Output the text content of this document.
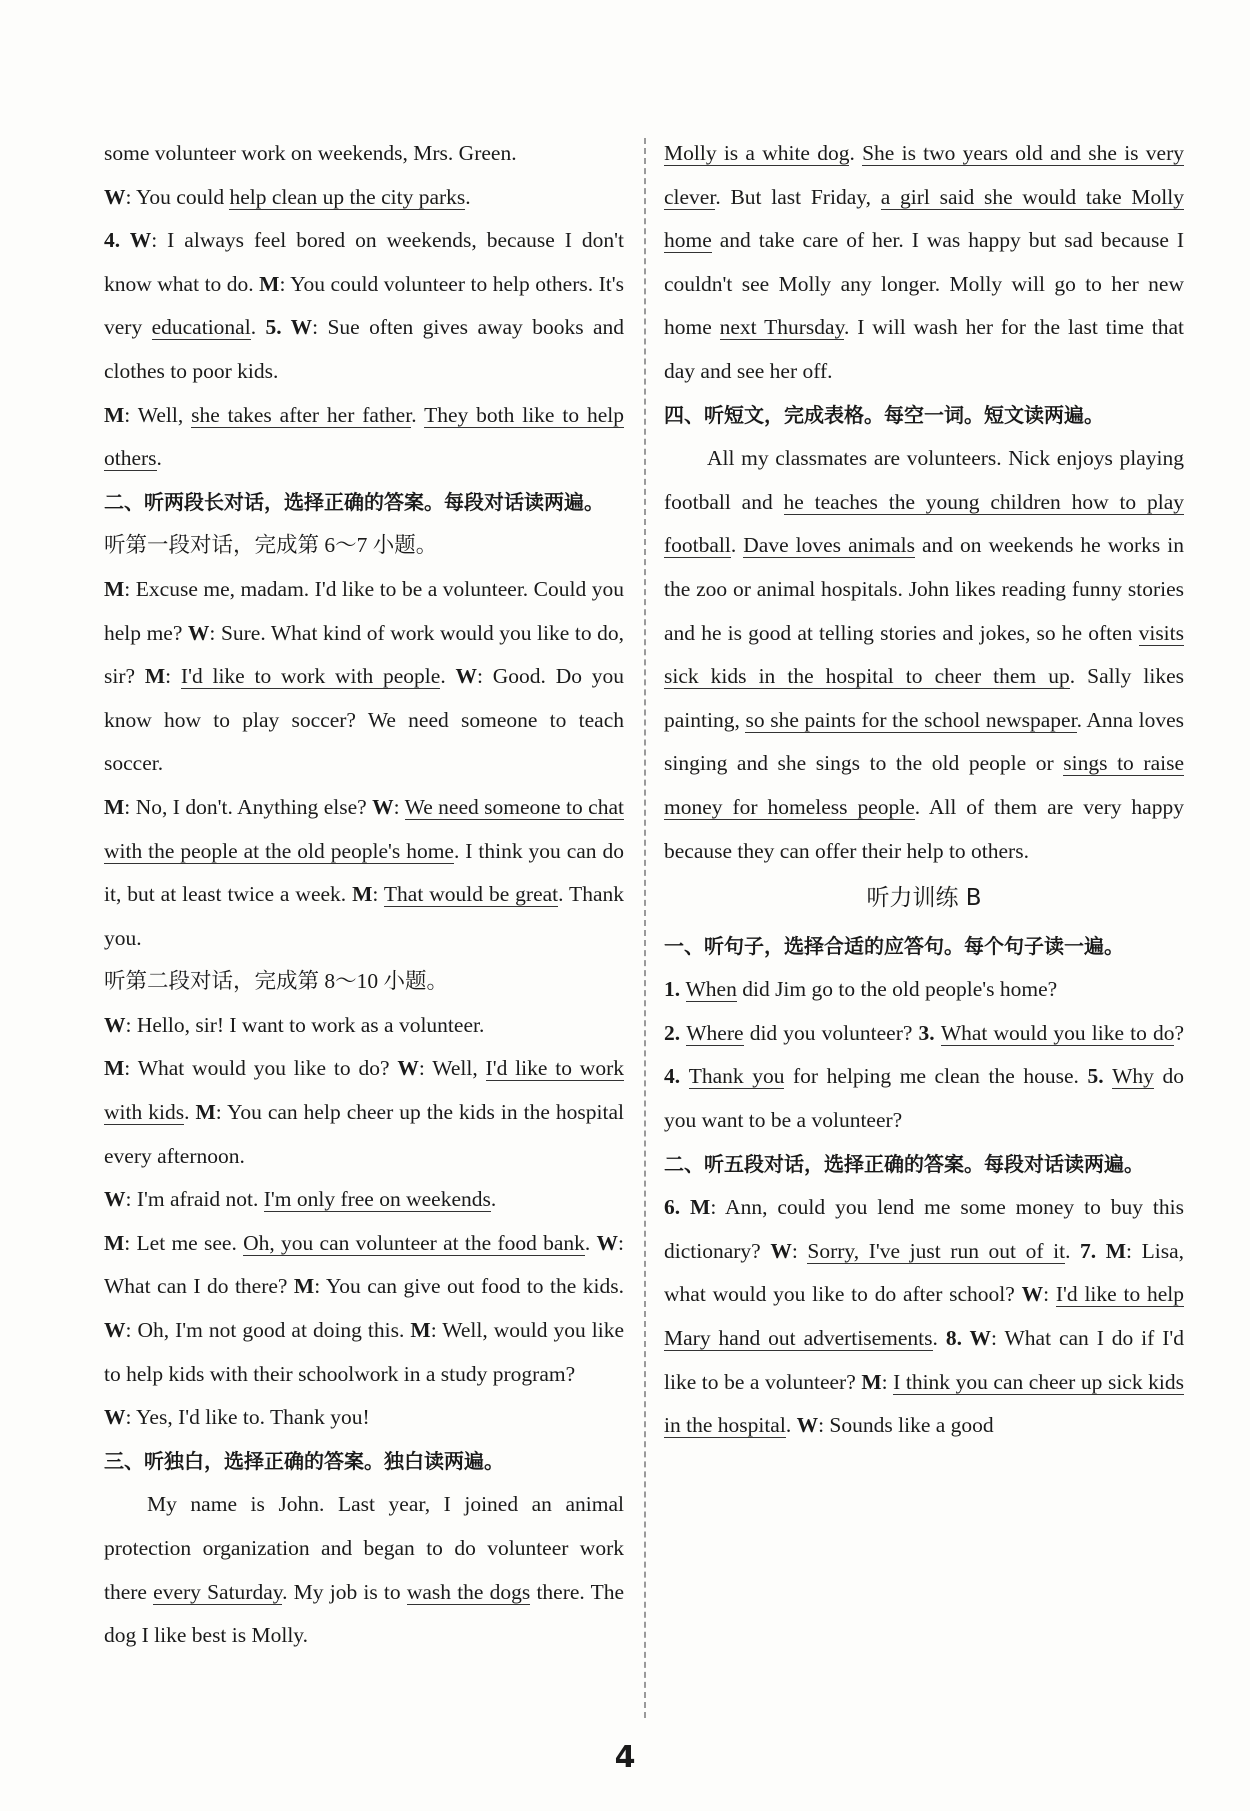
some volunteer work on weekends, Mrs. Green.

W: You could help clean up the city parks.

4. W: I always feel bored on weekends, because I don't know what to do. M: You could volunteer to help others. It's very educational. 5. W: Sue often gives away books and clothes to poor kids.

M: Well, she takes after her father. They both like to help others.

二、听两段长对话，选择正确的答案。每段对话读两遍。

听第一段对话，完成第 6～7 小题。

M: Excuse me, madam. I'd like to be a volunteer. Could you help me? W: Sure. What kind of work would you like to do, sir? M: I'd like to work with people. W: Good. Do you know how to play soccer? We need someone to teach soccer.

M: No, I don't. Anything else? W: We need someone to chat with the people at the old people's home. I think you can do it, but at least twice a week. M: That would be great. Thank you.

听第二段对话，完成第 8～10 小题。

W: Hello, sir! I want to work as a volunteer.

M: What would you like to do? W: Well, I'd like to work with kids. M: You can help cheer up the kids in the hospital every afternoon.

W: I'm afraid not. I'm only free on weekends.

M: Let me see. Oh, you can volunteer at the food bank. W: What can I do there? M: You can give out food to the kids. W: Oh, I'm not good at doing this. M: Well, would you like to help kids with their schoolwork in a study program?

W: Yes, I'd like to. Thank you!

三、听独白，选择正确的答案。独白读两遍。

My name is John. Last year, I joined an animal protection organization and began to do volunteer work there every Saturday. My job is to wash the dogs there. The dog I like best is Molly.

Molly is a white dog. She is two years old and she is very clever. But last Friday, a girl said she would take Molly home and take care of her. I was happy but sad because I couldn't see Molly any longer. Molly will go to her new home next Thursday. I will wash her for the last time that day and see her off.

四、听短文，完成表格。每空一词。短文读两遍。

All my classmates are volunteers. Nick enjoys playing football and he teaches the young children how to play football. Dave loves animals and on weekends he works in the zoo or animal hospitals. John likes reading funny stories and he is good at telling stories and jokes, so he often visits sick kids in the hospital to cheer them up. Sally likes painting, so she paints for the school newspaper. Anna loves singing and she sings to the old people or sings to raise money for homeless people. All of them are very happy because they can offer their help to others.

听力训练 B

一、听句子，选择合适的应答句。每个句子读一遍。

1. When did Jim go to the old people's home?

2. Where did you volunteer? 3. What would you like to do? 4. Thank you for helping me clean the house. 5. Why do you want to be a volunteer?

二、听五段对话，选择正确的答案。每段对话读两遍。

6. M: Ann, could you lend me some money to buy this dictionary? W: Sorry, I've just run out of it. 7. M: Lisa, what would you like to do after school? W: I'd like to help Mary hand out advertisements. 8. W: What can I do if I'd like to be a volunteer? M: I think you can cheer up sick kids in the hospital. W: Sounds like a good

4
